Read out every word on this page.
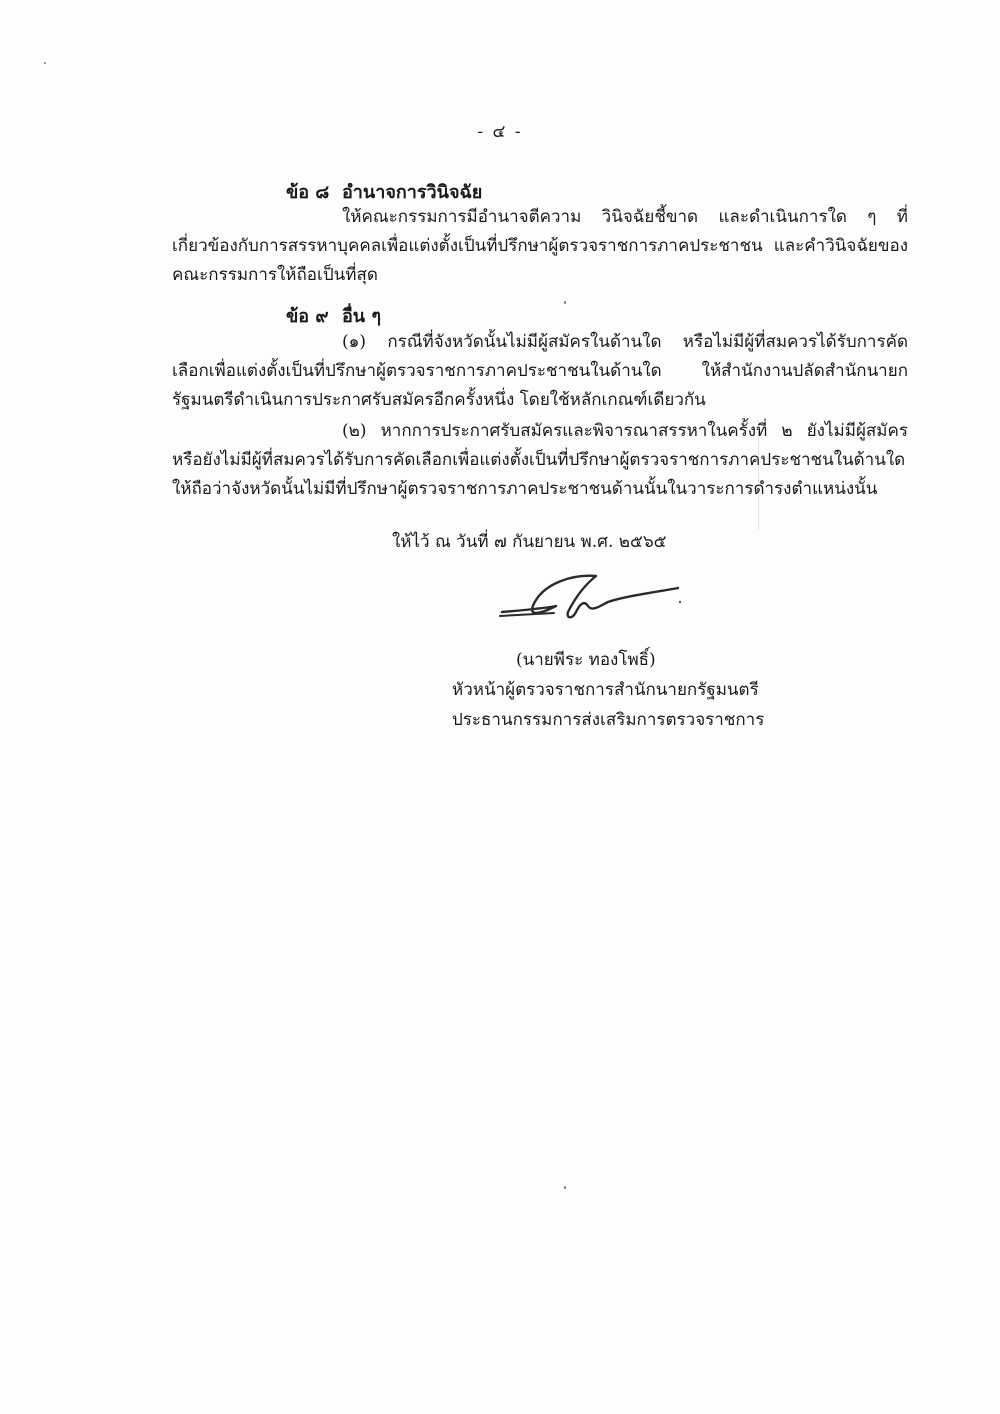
- ๔ -
ข้อ ๘ อำนาจการวินิจฉัย
ให้คณะกรรมการมีอำนาจตีความ วินิจฉัยชี้ขาด และดำเนินการใด ๆ ที่เกี่ยวข้องกับการสรรหาบุคคลเพื่อแต่งตั้งเป็นที่ปรึกษาผู้ตรวจราชการภาคประชาชน และคำวินิจฉัยของคณะกรรมการให้ถือเป็นที่สุด
ข้อ ๙ อื่น ๆ
(๑) กรณีที่จังหวัดนั้นไม่มีผู้สมัครในด้านใด หรือไม่มีผู้ที่สมควรได้รับการคัดเลือกเพื่อแต่งตั้งเป็นที่ปรึกษาผู้ตรวจราชการภาคประชาชนในด้านใด ให้สำนักงานปลัดสำนักนายกรัฐมนตรีดำเนินการประกาศรับสมัครอีกครั้งหนึ่ง โดยใช้หลักเกณฑ์เดียวกัน
(๒) หากการประกาศรับสมัครและพิจารณาสรรหาในครั้งที่ ๒ ยังไม่มีผู้สมัคร หรือยังไม่มีผู้ที่สมควรได้รับการคัดเลือกเพื่อแต่งตั้งเป็นที่ปรึกษาผู้ตรวจราชการภาคประชาชนในด้านใด ให้ถือว่าจังหวัดนั้นไม่มีที่ปรึกษาผู้ตรวจราชการภาคประชาชนด้านนั้นในวาระการดำรงตำแหน่งนั้น
ให้ไว้ ณ วันที่ ๗ กันยายน พ.ศ. ๒๕๖๕
(นายพีระ ทองโพธิ์)
หัวหน้าผู้ตรวจราชการสำนักนายกรัฐมนตรี
ประธานกรรมการส่งเสริมการตรวจราชการ
